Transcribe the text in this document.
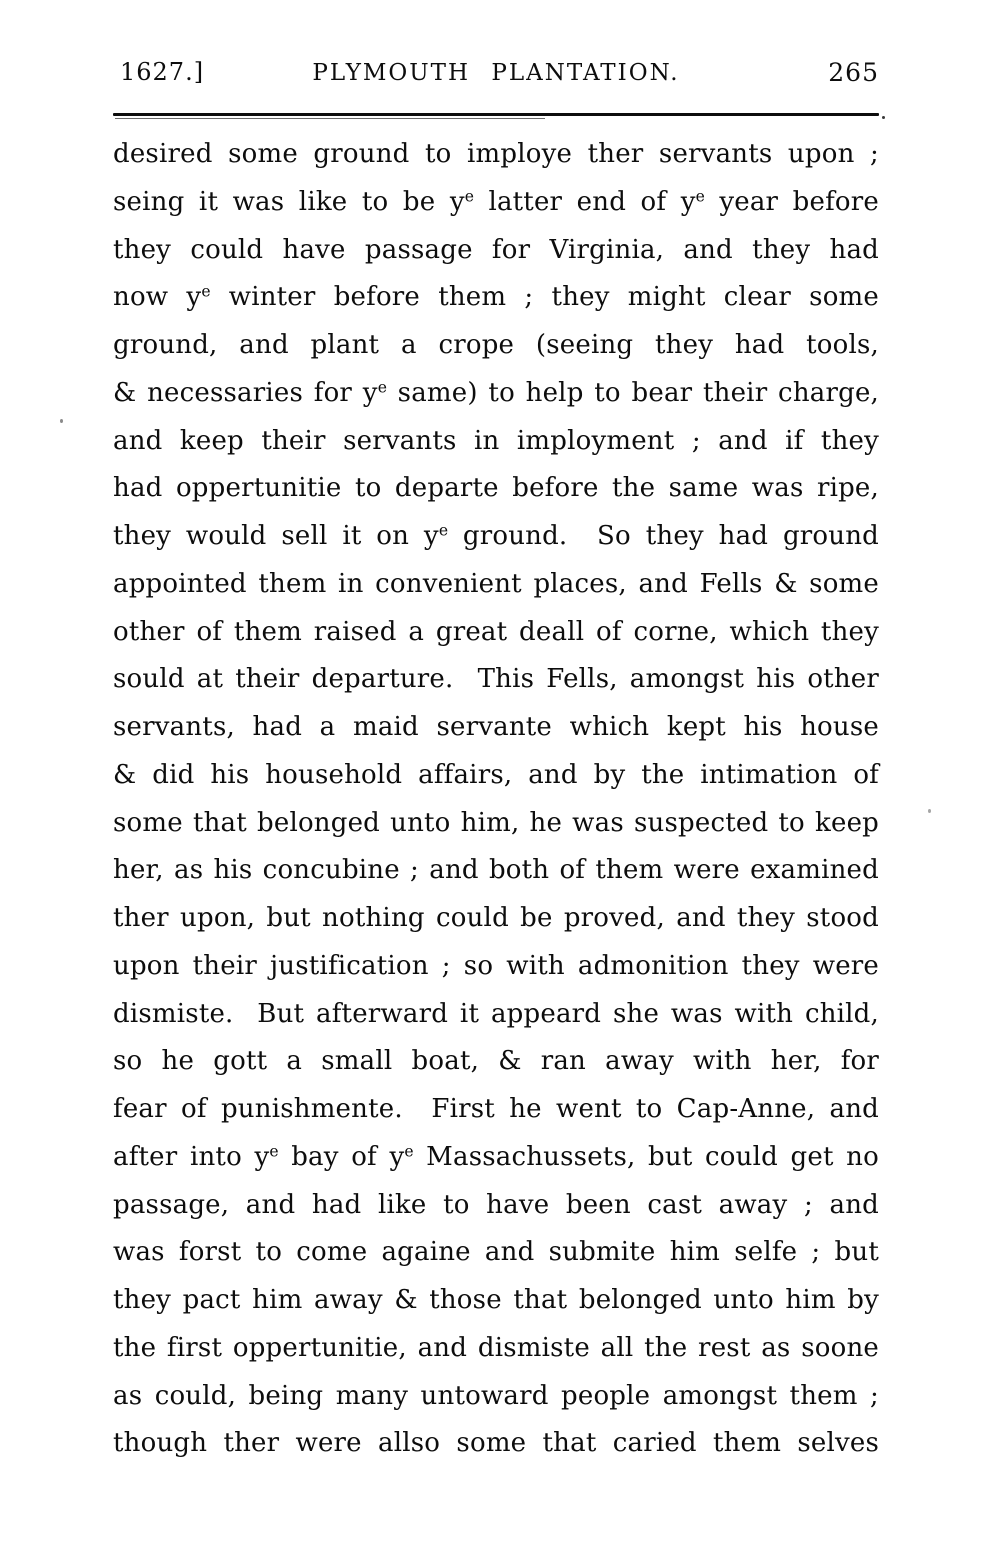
1627.]	PLYMOUTH PLANTATION.	265
desired some ground to imploye ther servants upon ;
seing it was like to be $y^e$ latter end of $y^e$ year before
they could have passage for Virginia, and they had
now $y^e$ winter before them ; they might clear some
ground, and plant a crope (seeing they had tools,
& necessaries for $y^e$ same) to help to bear their charge,
and keep their servants in imployment ; and if they
had oppertunitie to departe before the same was ripe,
they would sell it on $y^e$ ground.  So they had ground
appointed them in convenient places, and Fells & some
other of them raised a great deall of corne, which they
sould at their departure.  This Fells, amongst his other
servants, had a maid servante which kept his house
& did his household affairs, and by the intimation of
some that belonged unto him, he was suspected to keep
her, as his concubine ; and both of them were examined
ther upon, but nothing could be proved, and they stood
upon their justification ; so with admonition they were
dismiste.  But afterward it appeard she was with child,
so he gott a small boat, & ran away with her, for
fear of punishmente.  First he went to Cap-Anne, and
after into $y^e$ bay of $y^e$ Massachussets, but could get no
passage, and had like to have been cast away ; and
was forst to come againe and submite him selfe ; but
they pact him away & those that belonged unto him by
the first oppertunitie, and dismiste all the rest as soone
as could, being many untoward people amongst them ;
though ther were allso some that caried them selves
